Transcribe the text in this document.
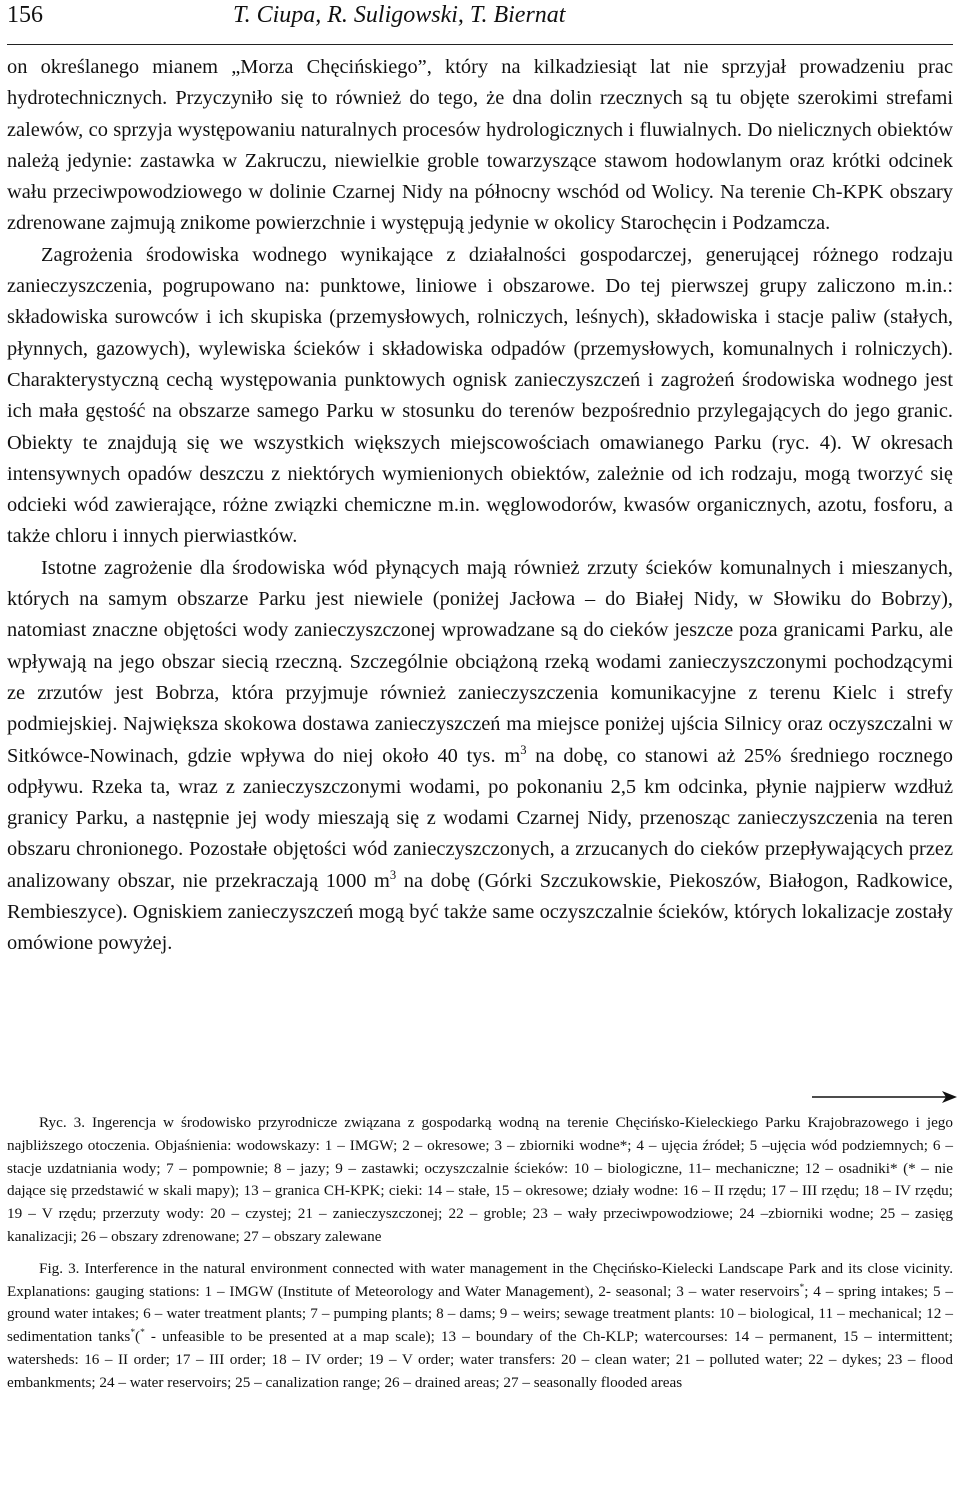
156	T. Ciupa, R. Suligowski, T. Biernat

on określanego mianem „Morza Chęcińskiego”, który na kilkadziesiąt lat nie sprzyjał prowadzeniu prac hydrotechnicznych. Przyczyniło się to również do tego, że dna dolin rzecznych są tu objęte szerokimi strefami zalewów, co sprzyja występowaniu naturalnych procesów hydrologicznych i fluwialnych. Do nielicznych obiektów należą jedynie: zastawka w Zakruczu, niewielkie groble towarzyszące stawom hodowlanym oraz krótki odcinek wału przeciwpowodziowego w dolinie Czarnej Nidy na północny wschód od Wolicy. Na terenie Ch-KPK obszary zdrenowane zajmują znikome powierzchnie i występują jedynie w okolicy Starochęcin i Podzamcza.

Zagrożenia środowiska wodnego wynikające z działalności gospodarczej, generującej różnego rodzaju zanieczyszczenia, pogrupowano na: punktowe, liniowe i obszarowe. Do tej pierwszej grupy zaliczono m.in.: składowiska surowców i ich skupiska (przemysłowych, rolniczych, leśnych), składowiska i stacje paliw (stałych, płynnych, gazowych), wylewiska ścieków i składowiska odpadów (przemysłowych, komunalnych i rolniczych). Charakterystyczną cechą występowania punktowych ognisk zanieczyszczeń i zagrożeń środowiska wodnego jest ich mała gęstość na obszarze samego Parku w stosunku do terenów bezpośrednio przylegających do jego granic. Obiekty te znajdują się we wszystkich większych miejscowościach omawianego Parku (ryc. 4). W okresach intensywnych opadów deszczu z niektórych wymienionych obiektów, zależnie od ich rodzaju, mogą tworzyć się odcieki wód zawierające, różne związki chemiczne m.in. węglowodorów, kwasów organicznych, azotu, fosforu, a także chloru i innych pierwiastków.

Istotne zagrożenie dla środowiska wód płynących mają również zrzuty ścieków komunalnych i mieszanych, których na samym obszarze Parku jest niewiele (poniżej Jacłowa – do Białej Nidy, w Słowiku do Bobrzy), natomiast znaczne objętości wody zanieczyszczonej wprowadzane są do cieków jeszcze poza granicami Parku, ale wpływają na jego obszar siecią rzeczną. Szczególnie obciążoną rzeką wodami zanieczyszczonymi pochodzącymi ze zrzutów jest Bobrza, która przyjmuje również zanieczyszczenia komunikacyjne z terenu Kielc i strefy podmiejskiej. Największa skokowa dostawa zanieczyszczeń ma miejsce poniżej ujścia Silnicy oraz oczyszczalni w Sitkówce-Nowinach, gdzie wpływa do niej około 40 tys. $m^3$ na dobę, co stanowi aż 25% średniego rocznego odpływu. Rzeka ta, wraz z zanieczyszczonymi wodami, po pokonaniu 2,5 km odcinka, płynie najpierw wzdłuż granicy Parku, a następnie jej wody mieszają się z wodami Czarnej Nidy, przenosząc zanieczyszczenia na teren obszaru chronionego. Pozostałe objętości wód zanieczyszczonych, a zrzucanych do cieków przepływających przez analizowany obszar, nie przekraczają 1000 $m^3$ na dobę (Górki Szczukowskie, Piekoszów, Białogon, Radkowice, Rembieszyce). Ogniskiem zanieczyszczeń mogą być także same oczyszczalnie ścieków, których lokalizacje zostały omówione powyżej.

Ryc. 3. Ingerencja w środowisko przyrodnicze związana z gospodarką wodną na terenie Chęcińsko-Kieleckiego Parku Krajobrazowego i jego najbliższego otoczenia. Objaśnienia: wodowskazy: 1 – IMGW; 2 – okresowe; 3 – zbiorniki wodne*; 4 – ujęcia źródeł; 5 –ujęcia wód podziemnych; 6 – stacje uzdatniania wody; 7 – pompownie; 8 – jazy; 9 – zastawki; oczyszczalnie ścieków: 10 – biologiczne, 11– mechaniczne; 12 – osadniki* (* – nie dające się przedstawić w skali mapy); 13 – granica CH-KPK; cieki: 14 – stałe, 15 – okresowe; działy wodne: 16 – II rzędu; 17 – III rzędu; 18 – IV rzędu; 19 – V rzędu; przerzuty wody: 20 – czystej; 21 – zanieczyszczonej; 22 – groble; 23 – wały przeciwpowodziowe; 24 –zbiorniki wodne; 25 – zasięg kanalizacji; 26 – obszary zdrenowane; 27 – obszary zalewane

Fig. 3. Interference in the natural environment connected with water management in the Chęcińsko-Kielecki Landscape Park and its close vicinity. Explanations: gauging stations: 1 – IMGW (Institute of Meteorology and Water Management), 2- seasonal; 3 – water reservoirs*; 4 – spring intakes; 5 – ground water intakes; 6 – water treatment plants; 7 – pumping plants; 8 – dams; 9 – weirs; sewage treatment plants: 10 – biological, 11 – mechanical; 12 – sedimentation tanks*(* - unfeasible to be presented at a map scale); 13 – boundary of the Ch-KLP; watercourses: 14 – permanent, 15 – intermittent; watersheds: 16 – II order; 17 – III order; 18 – IV order; 19 – V order; water transfers: 20 – clean water; 21 – polluted water; 22 – dykes; 23 – flood embankments; 24 – water reservoirs; 25 – canalization range; 26 – drained areas; 27 – seasonally flooded areas
